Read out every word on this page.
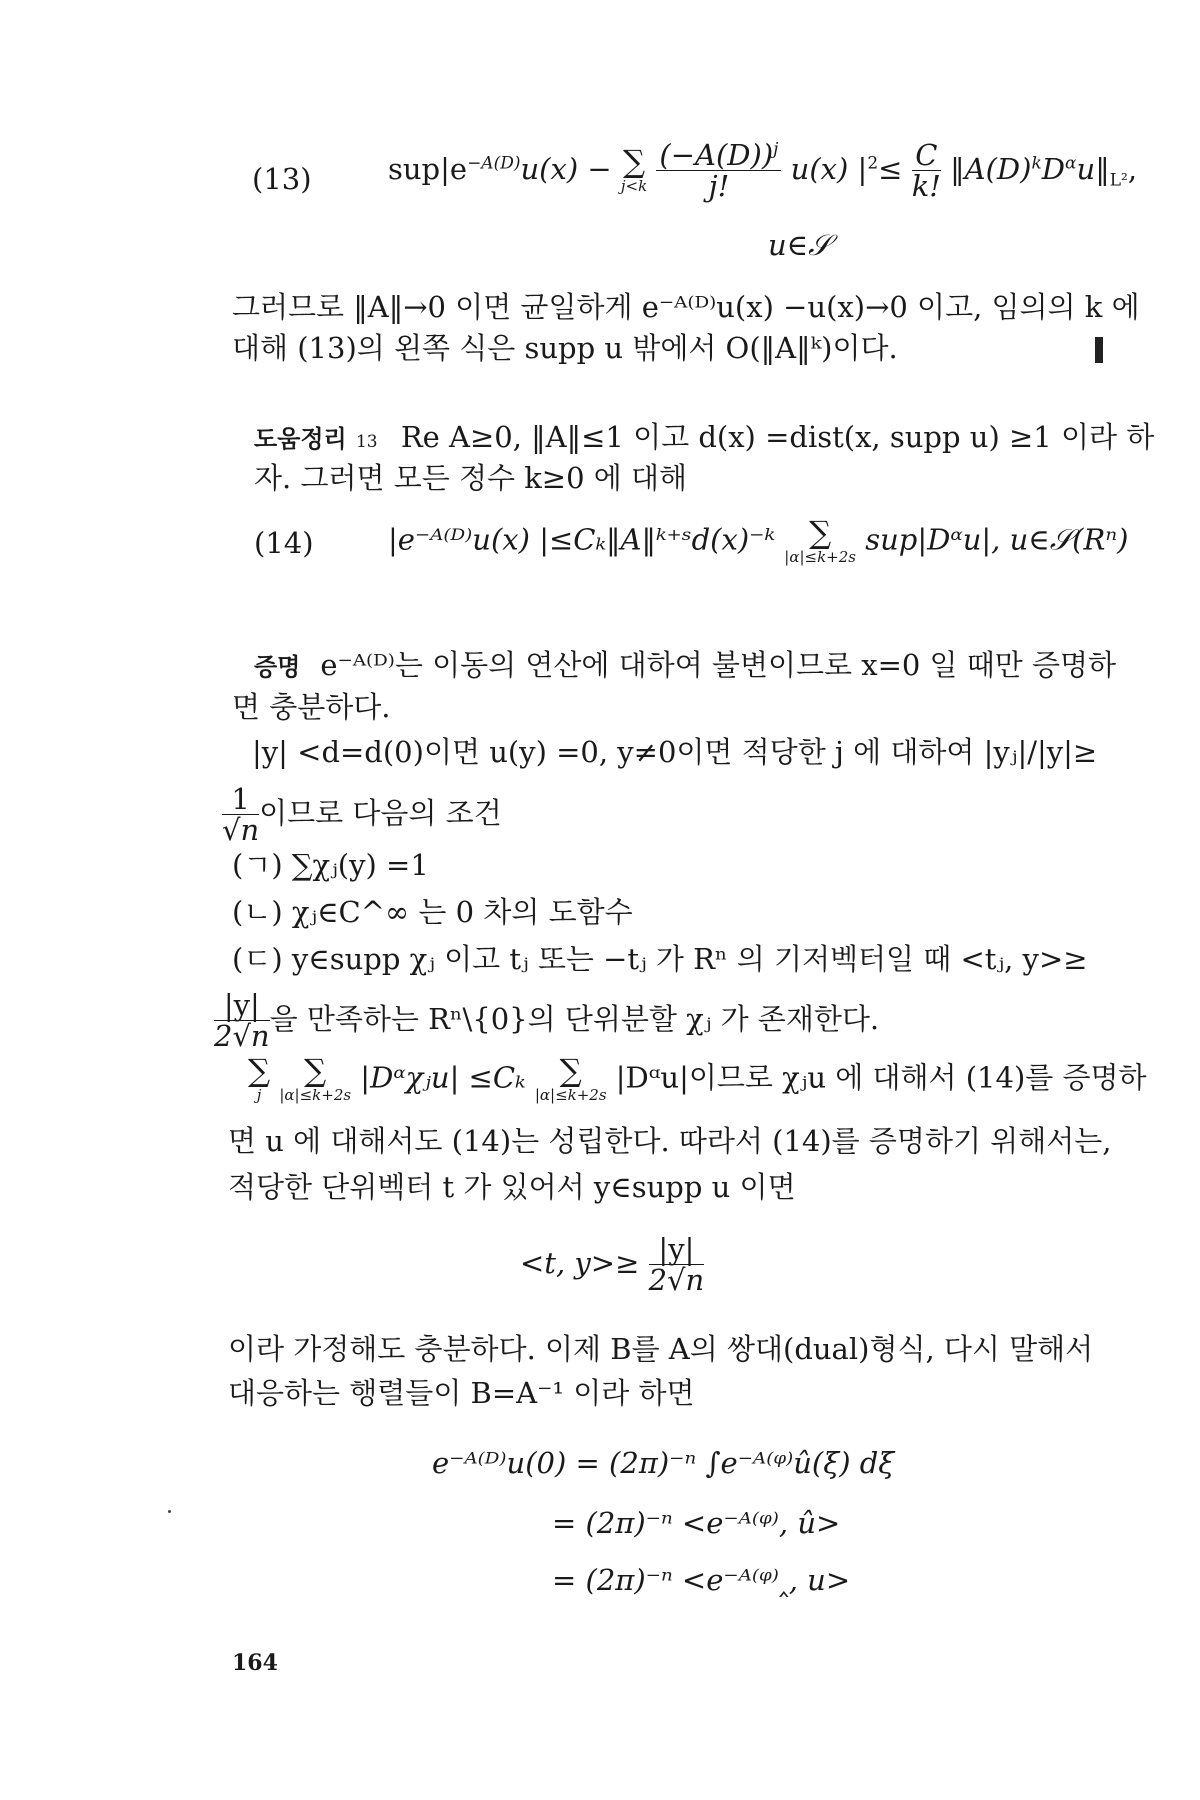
(13)	$sup|e^{-A(D)}u(x)$ − ∑
j<k
$\frac{(-A(D))^j}{j!} u(x)$ $|^2\le \frac{C}{k!}$ $‖A(D)^kD^\alpha u‖_{L^2}$,
u∈𝒮
그러므로 ‖A‖→0 이면 균일하게 e⁻ᴬ⁽ᴰ⁾u(x) −u(x)→0 이고, 임의의 k 에
대해 (13)의 왼쪽 식은 supp u 밖에서 O(‖A‖ᵏ)이다.
도움정리 13 Re A≥0, ‖A‖≤1 이고 d(x) =dist(x, supp u) ≥1 이라 하
자. 그러면 모든 정수 k≥0 에 대해
(14)	|e⁻ᴬ⁽ᴰ⁾u(x) |≤Cₖ‖A‖ᵏ⁺ˢd(x)⁻ᵏ	∑
|α|≤k+2s
sup|Dᵅu|, u∈𝒮(Rⁿ)
증명 e⁻ᴬ⁽ᴰ⁾는 이동의 연산에 대하여 불변이므로 x=0 일 때만 증명하
면 충분하다.
|y| <d=d(0)이면 u(y) =0, y≠0이면 적당한 j 에 대하여 |yⱼ|/|y|≥
$\frac{1}{√n}$ 이므로 다음의 조건
(ㄱ) ∑χⱼ(y) =1
(ㄴ) χⱼ∈C^∞ 는 0 차의 도함수
(ㄷ) y∈supp χⱼ 이고 tⱼ 또는 −tⱼ 가 Rⁿ 의 기저벡터일 때 <tⱼ, y>≥
$\frac{|y|}{2√n}$ 을 만족하는 Rⁿ\{0}의 단위분할 χⱼ 가 존재한다.
∑
j

∑
|α|≤k+2s
|Dᵅχⱼu| ≤Cₖ	∑
|α|≤k+2s
|Dᵅu|이므로 χⱼu 에 대해서 (14)를 증명하
면 u 에 대해서도 (14)는 성립한다. 따라서 (14)를 증명하기 위해서는,
적당한 단위벡터 t 가 있어서 y∈supp u 이면
<t, $y>\ge \frac{|y|}{2√n}$
이라 가정해도 충분하다. 이제 B를 A의 쌍대(dual)형식, 다시 말해서
대응하는 행렬들이 B=A⁻¹ 이라 하면
e⁻ᴬ⁽ᴰ⁾u(0) = (2π)⁻ⁿ ∫e⁻ᴬ⁽ᵠ⁾û(ξ) dξ
= (2π)⁻ⁿ <e⁻ᴬ⁽ᵠ⁾, û>
= (2π)⁻ⁿ <e⁻ᴬ⁽ᵠ⁾‸, u>
164
